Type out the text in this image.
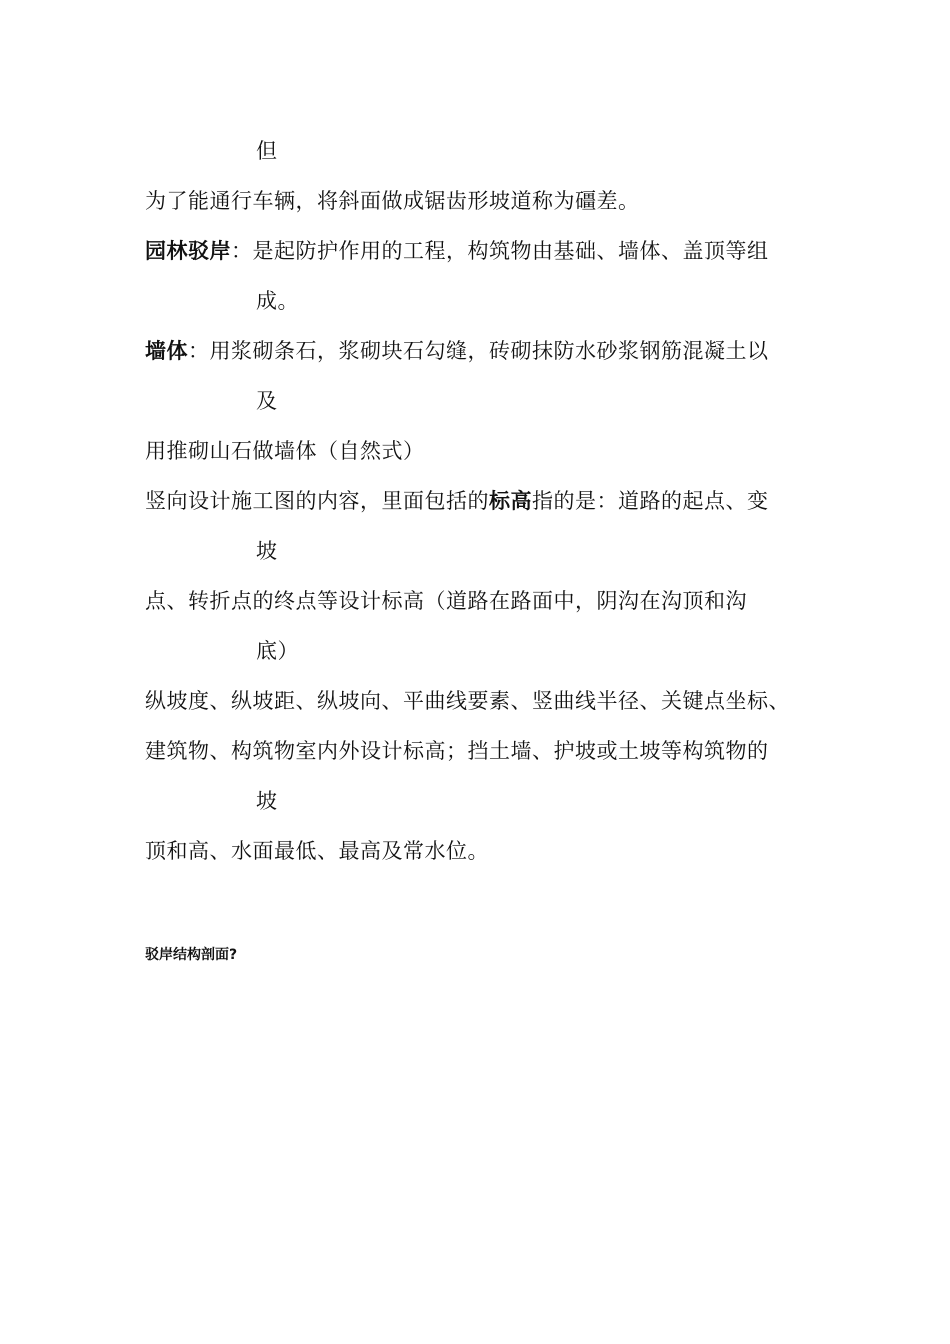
但
为了能通行车辆，将斜面做成锯齿形坡道称为礓差。
园林驳岸：是起防护作用的工程，构筑物由基础、墙体、盖顶等组
成。
墙体：用浆砌条石，浆砌块石勾缝，砖砌抹防水砂浆钢筋混凝土以
及
用推砌山石做墙体（自然式）
竖向设计施工图的内容，里面包括的标高指的是：道路的起点、变
坡
点、转折点的终点等设计标高（道路在路面中，阴沟在沟顶和沟
底）
纵坡度、纵坡距、纵坡向、平曲线要素、竖曲线半径、关键点坐标、
建筑物、构筑物室内外设计标高；挡土墙、护坡或土坡等构筑物的
坡
顶和高、水面最低、最高及常水位。
驳岸结构剖面?
